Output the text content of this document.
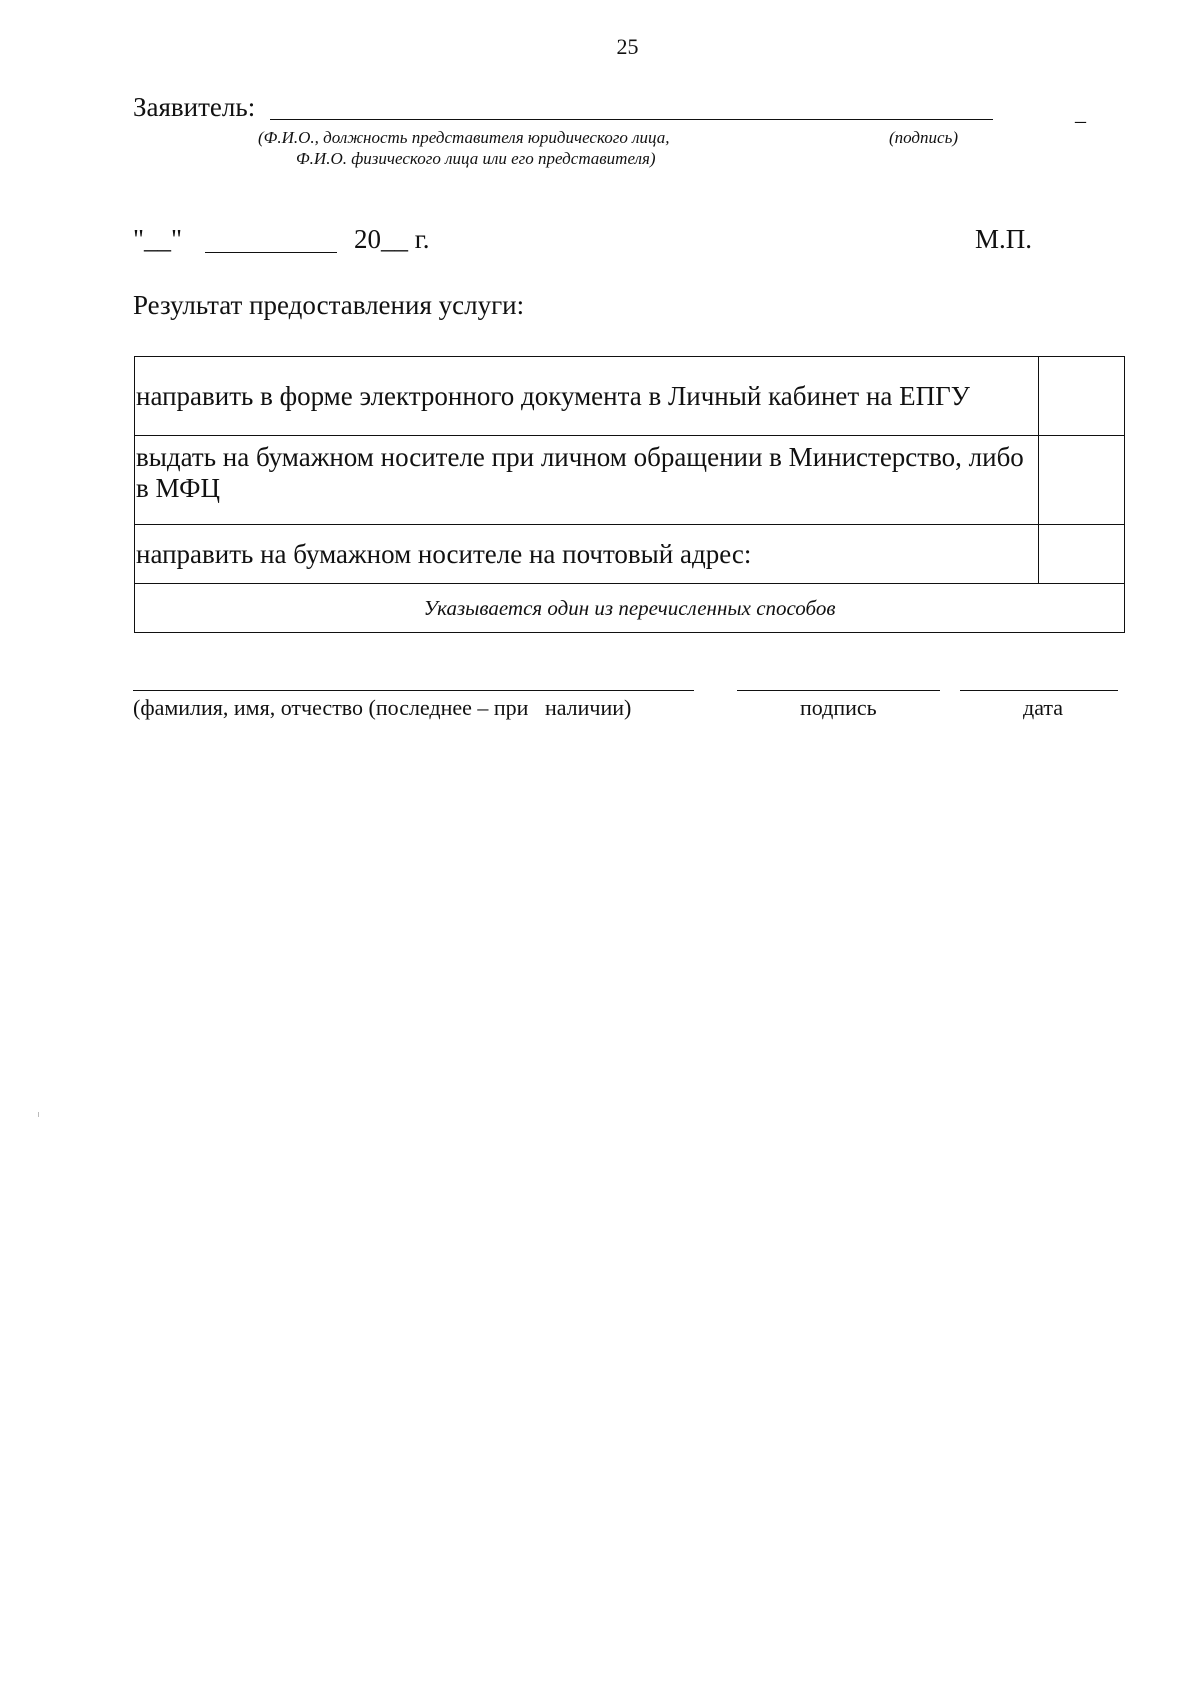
25
Заявитель:	_
(Ф.И.О., должность представителя юридического лица,	(подпись)
Ф.И.О. физического лица или его представителя)
"__"	20__ г.	М.П.
Результат предоставления услуги:
направить в форме электронного документа в Личный кабинет на ЕПГУ	
выдать на бумажном носителе при личном обращении в Министерство, либо в МФЦ	
направить на бумажном носителе на почтовый адрес:	
Указывается один из перечисленных способов	
(фамилия, имя, отчество (последнее – при   наличии)	подпись	дата
